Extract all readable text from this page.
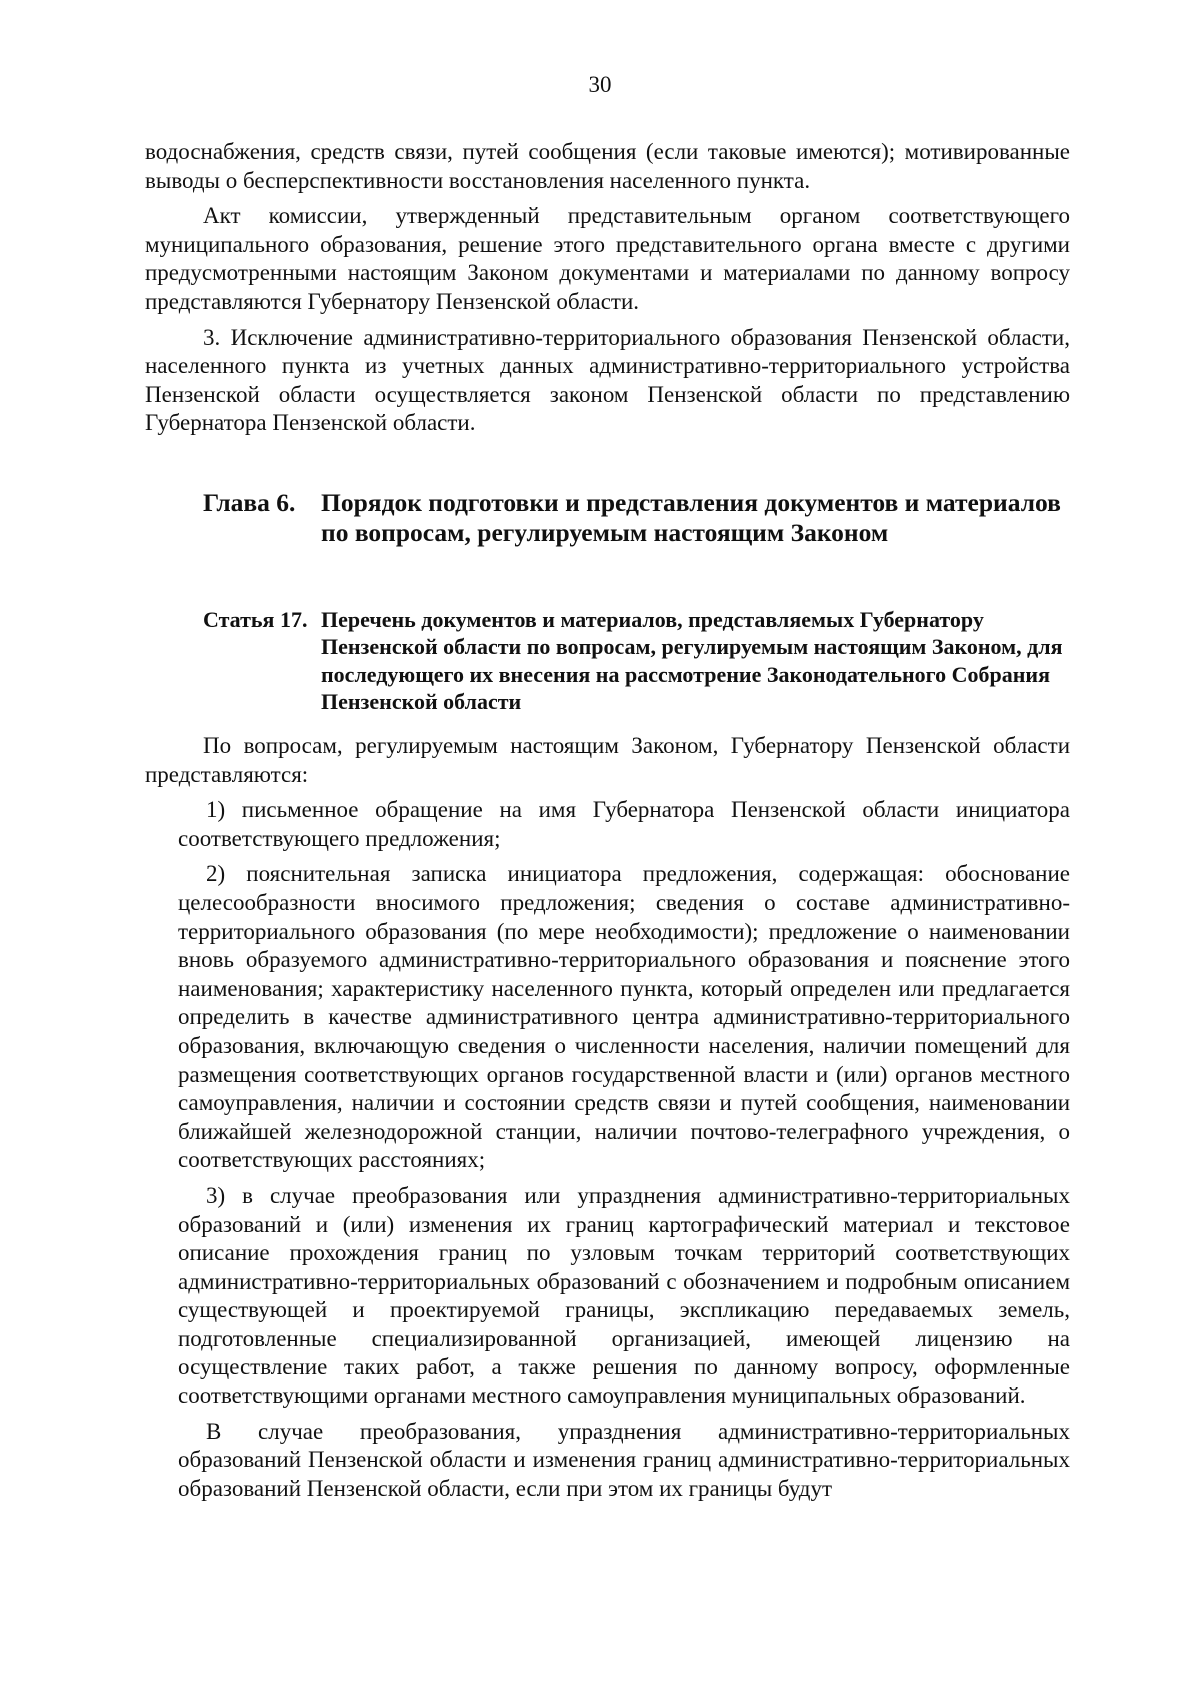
30

водоснабжения, средств связи, путей сообщения (если таковые имеются); мотивированные выводы о бесперспективности восстановления населенного пункта.

Акт комиссии, утвержденный представительным органом соответствующего муниципального образования, решение этого представительного органа вместе с другими предусмотренными настоящим Законом документами и материалами по данному вопросу представляются Губернатору Пензенской области.

3. Исключение административно-территориального образования Пензенской области, населенного пункта из учетных данных административно-территориального устройства Пензенской области осуществляется законом Пензенской области по представлению Губернатора Пензенской области.

Глава 6.	Порядок подготовки и представления документов и материалов по вопросам, регулируемым настоящим Законом
Статья 17. Перечень документов и материалов, представляемых Губернатору Пензенской области по вопросам, регулируемым настоящим Законом, для последующего их внесения на рассмотрение Законодательного Собрания Пензенской области

По вопросам, регулируемым настоящим Законом, Губернатору Пензенской области представляются:

1) письменное обращение на имя Губернатора Пензенской области инициатора соответствующего предложения;

2) пояснительная записка инициатора предложения, содержащая: обоснование целесообразности вносимого предложения; сведения о составе административно-территориального образования (по мере необходимости); предложение о наименовании вновь образуемого административно-территориального образования и пояснение этого наименования; характеристику населенного пункта, который определен или предлагается определить в качестве административного центра административно-территориального образования, включающую сведения о численности населения, наличии помещений для размещения соответствующих органов государственной власти и (или) органов местного самоуправления, наличии и состоянии средств связи и путей сообщения, наименовании ближайшей железнодорожной станции, наличии почтово-телеграфного учреждения, о соответствующих расстояниях;

3) в случае преобразования или упразднения административно-территориальных образований и (или) изменения их границ картографический материал и текстовое описание прохождения границ по узловым точкам территорий соответствующих административно-территориальных образований с обозначением и подробным описанием существующей и проектируемой границы, экспликацию передаваемых земель, подготовленные специализированной организацией, имеющей лицензию на осуществление таких работ, а также решения по данному вопросу, оформленные соответствующими органами местного самоуправления муниципальных образований.

В случае преобразования, упразднения административно-территориальных образований Пензенской области и изменения границ административно-территориальных образований Пензенской области, если при этом их границы будут
